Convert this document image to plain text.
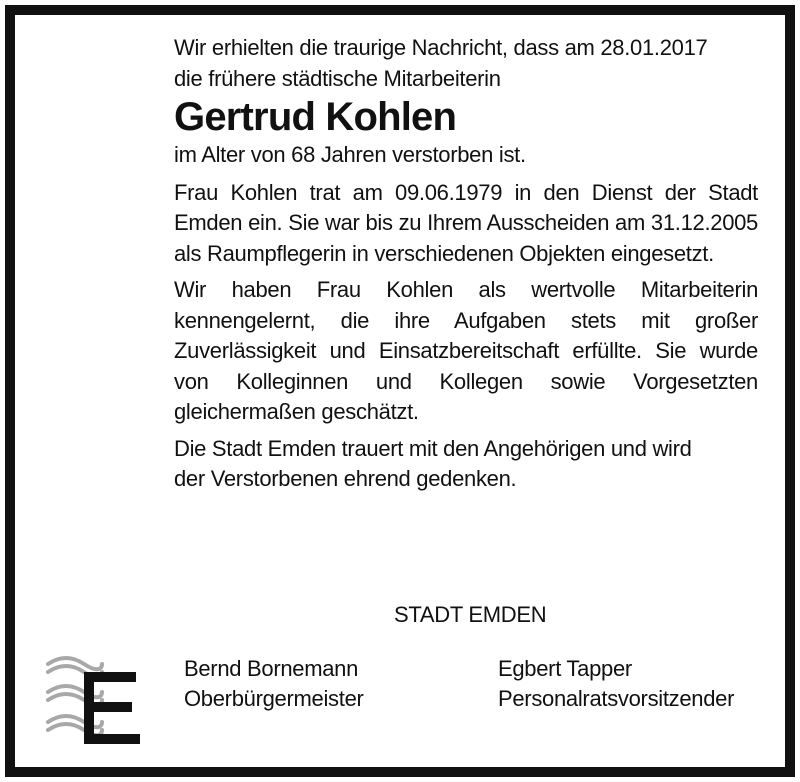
Wir erhielten die traurige Nachricht, dass am 28.01.2017
die frühere städtische Mitarbeiterin

Gertrud Kohlen

im Alter von 68 Jahren verstorben ist.

Frau Kohlen trat am 09.06.1979 in den Dienst der Stadt Emden ein. Sie war bis zu Ihrem Ausscheiden am 31.12.2005 als Raumpflegerin in verschiedenen Objekten eingesetzt.

Wir haben Frau Kohlen als wertvolle Mitarbeiterin kennengelernt, die ihre Aufgaben stets mit großer Zuverlässigkeit und Einsatzbereitschaft erfüllte. Sie wurde von Kolleginnen und Kollegen sowie Vorgesetzten gleichermaßen geschätzt.

Die Stadt Emden trauert mit den Angehörigen und wird
der Verstorbenen ehrend gedenken.

STADT EMDEN
Bernd Bornemann
Oberbürgermeister
Egbert Tapper
Personalratsvorsitzender
